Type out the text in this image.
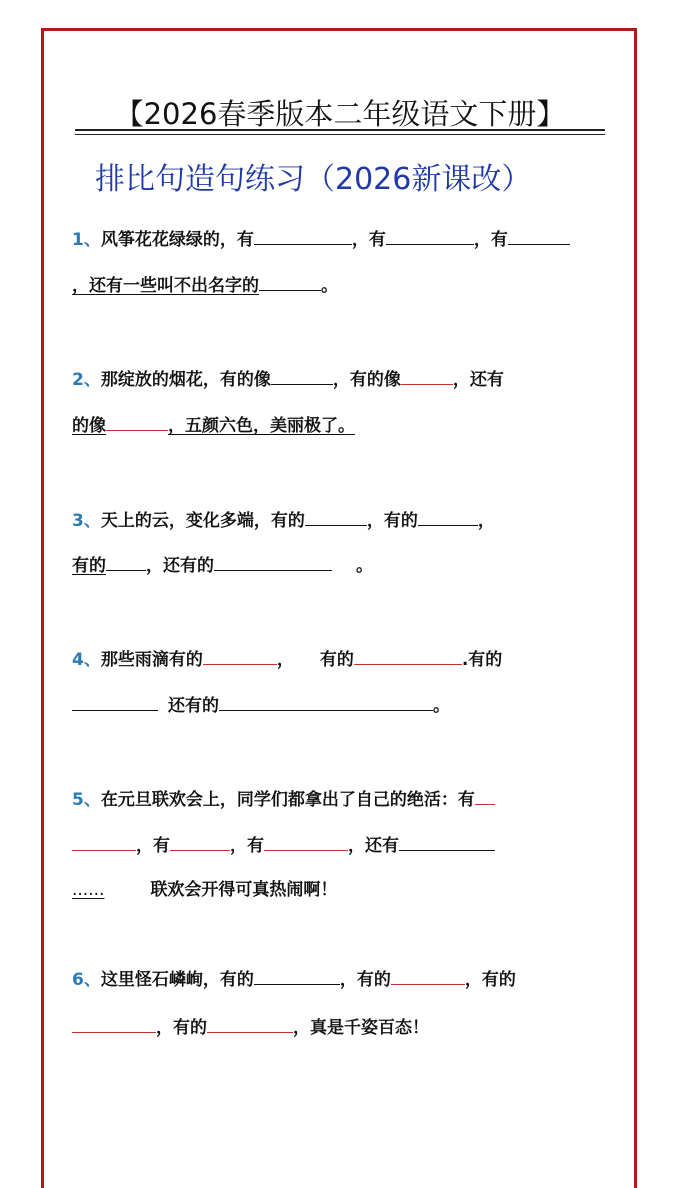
【2026春季版本二年级语文下册】
排比句造句练习（2026新课改）
1、风筝花花绿绿的，有	，有	，有
，还有一些叫不出名字的	。
2、那绽放的烟花，有的像	，有的像	，还有
的像	，五颜六色，美丽极了。
3、天上的云，变化多端，有的	，有的	，
有的 ，还有的	。
4、那些雨滴有的	， 有的	.有的
还有的	。
5、在元旦联欢会上，同学们都拿出了自己的绝活：有
，有	，有	，还有
......	联欢会开得可真热闹啊！
6、这里怪石嶙峋，有的	，有的	，有的
，有的	，真是千姿百态！
